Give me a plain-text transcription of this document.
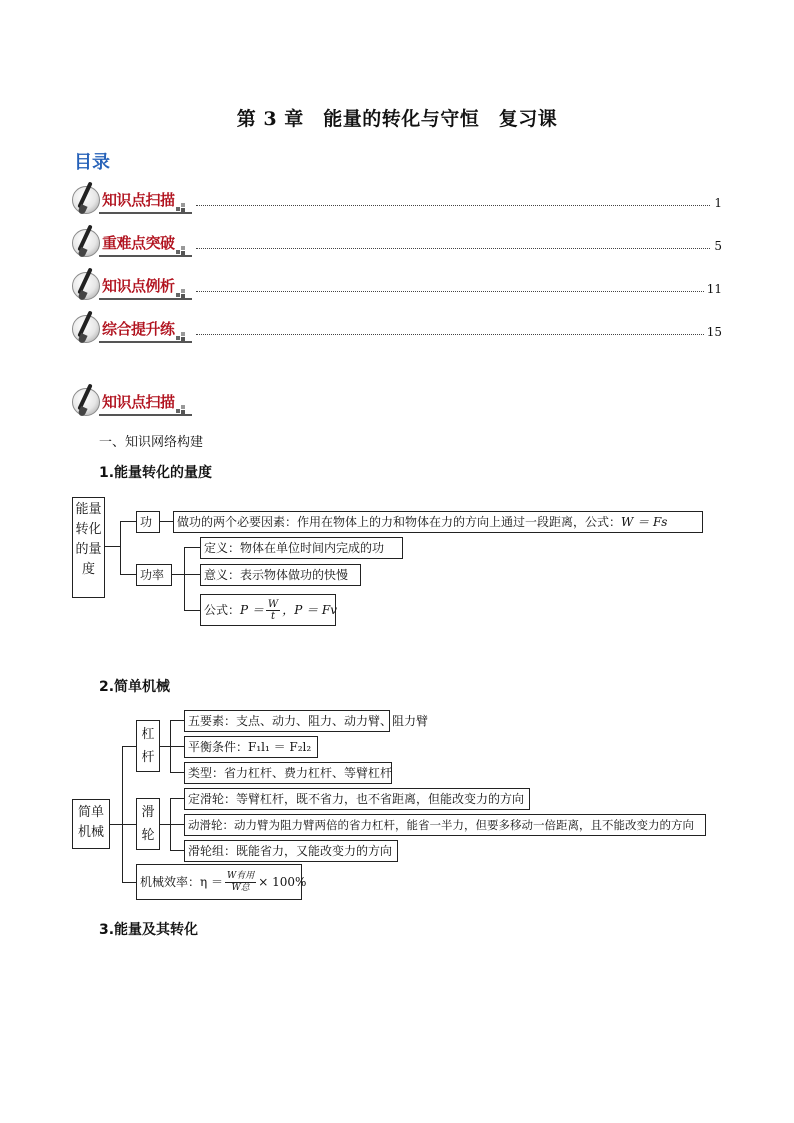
第 3 章　能量的转化与守恒　复习课
目录
知识点扫描	1
重难点突破	5
知识点例析	11
综合提升练	15
知识点扫描
一、知识网络构建
1.能量转化的量度
能量
转化
的量
度
功	做功的两个必要因素：作用在物体上的力和物体在力的方向上通过一段距离，公式：W ＝ Fs
功率
定义：物体在单位时间内完成的功
意义：表示物体做功的快慢
公式：$P = \frac{W}{t}$ ，P ＝ Fv
2.简单机械
简单
机械
杠
杆
五要素：支点、动力、阻力、动力臂、阻力臂
平衡条件：F₁l₁ ＝ F₂l₂
类型：省力杠杆、费力杠杆、等臂杠杆
滑
轮
定滑轮：等臂杠杆，既不省力，也不省距离，但能改变力的方向
动滑轮：动力臂为阻力臂两倍的省力杠杆，能省一半力，但要多移动一倍距离，且不能改变力的方向
滑轮组：既能省力，又能改变力的方向
机械效率：$\eta = \frac{\text{W有用}}{\text{W总}} \times 100\%$
3.能量及其转化
